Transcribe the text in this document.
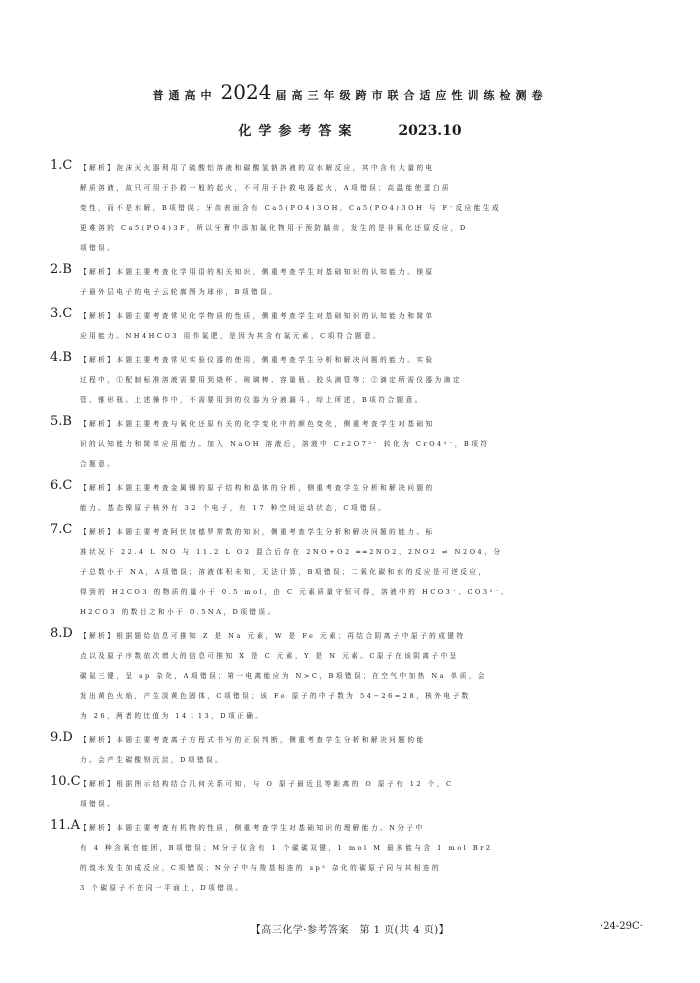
普通高中 2024 届高三年级跨市联合适应性训练检测卷
化学参考答案	2023.10
1.C 【解析】泡沫灭火器利用了硫酸铝溶液和碳酸氢钠溶液的双水解反应，其中含有大量的电
解质溶液，故只可用于扑救一般的起火，不可用于扑救电器起火，A项错误；高温能使蛋白质
变性，而不是水解，B项错误；牙齿表面含有 Ca5(PO4)3OH，Ca5(PO4)3OH 与 F⁻反应能生成
更难溶的 Ca5(PO4)3F，所以牙膏中添加氟化物用于预防龋齿，发生的是非氧化还原反应，D
项错误。
2.B 【解析】本题主要考查化学用语的相关知识，侧重考查学生对基础知识的认知能力。镁原
子最外层电子的电子云轮廓图为球形，B项错误。
3.C 【解析】本题主要考查常见化学物质的性质，侧重考查学生对基础知识的认知能力和简单
应用能力。NH4HCO3 用作氮肥，是因为其含有氮元素，C项符合题意。
4.B 【解析】本题主要考查常见实验仪器的使用，侧重考查学生分析和解决问题的能力。实验
过程中，①配制标准溶液需要用到烧杯、玻璃棒、容量瓶、胶头滴管等；②滴定所需仪器为滴定
管、锥形瓶。上述操作中，不需要用到的仪器为分液漏斗，综上所述，B项符合题意。
5.B 【解析】本题主要考查与氧化还原有关的化学变化中的颜色变化，侧重考查学生对基础知
识的认知能力和简单应用能力。加入 NaOH 溶液后，溶液中 Cr2O7²⁻ 转化为 CrO4²⁻，B项符
合题意。
6.C 【解析】本题主要考查金属镍的原子结构和晶体的分析，侧重考查学生分析和解决问题的
能力。基态镍原子核外有 32 个电子，有 17 种空间运动状态，C项错误。
7.C 【解析】本题主要考查阿伏加德罗常数的知识，侧重考查学生分析和解决问题的能力。标
准状况下 22.4 L NO 与 11.2 L O2 混合后存在 2NO+O2 ══2NO2、2NO2 ⇌ N2O4，分
子总数小于 NA，A项错误；溶液体积未知，无法计算，B项错误；二氧化碳和水的反应是可逆反应，
得到的 H2CO3 的物质的量小于 0.5 mol，由 C 元素质量守恒可得，溶液中的 HCO3⁻、CO3²⁻、
H2CO3 的数目之和小于 0.5NA，D项错误。
8.D 【解析】根据题给信息可推知 Z 是 Na 元素，W 是 Fe 元素；再结合阴离子中原子的成键特
点以及原子序数依次增大的信息可推知 X 是 C 元素，Y 是 N 元素。C原子在该阴离子中呈
碳氮三键，呈 sp 杂化，A项错误；第一电离能应为 N>C，B项错误；在空气中加热 Na 单质，会
发出黄色火焰，产生淡黄色固体，C项错误；该 Fe 原子的中子数为 54−26=28，核外电子数
为 26，两者的比值为 14∶13，D项正确。
9.D 【解析】本题主要考查离子方程式书写的正误判断，侧重考查学生分析和解决问题的能
力。会产生碳酸钡沉淀，D项错误。
10.C 【解析】根据图示结构结合几何关系可知，与 O 原子最近且等距离的 O 原子有 12 个，C
项错误。
11.A 【解析】本题主要考查有机物的性质，侧重考查学生对基础知识的理解能力。N分子中
有 4 种含氧官能团，B项错误；M分子仅含有 1 个碳碳双键，1 mol M 最多能与含 1 mol Br2
的溴水发生加成反应，C项错误；N分子中与羧基相连的 sp³ 杂化的碳原子同与其相连的
3 个碳原子不在同一平面上，D项错误。
【高三化学·参考答案　第 1 页(共 4 页)】	·24-29C·
